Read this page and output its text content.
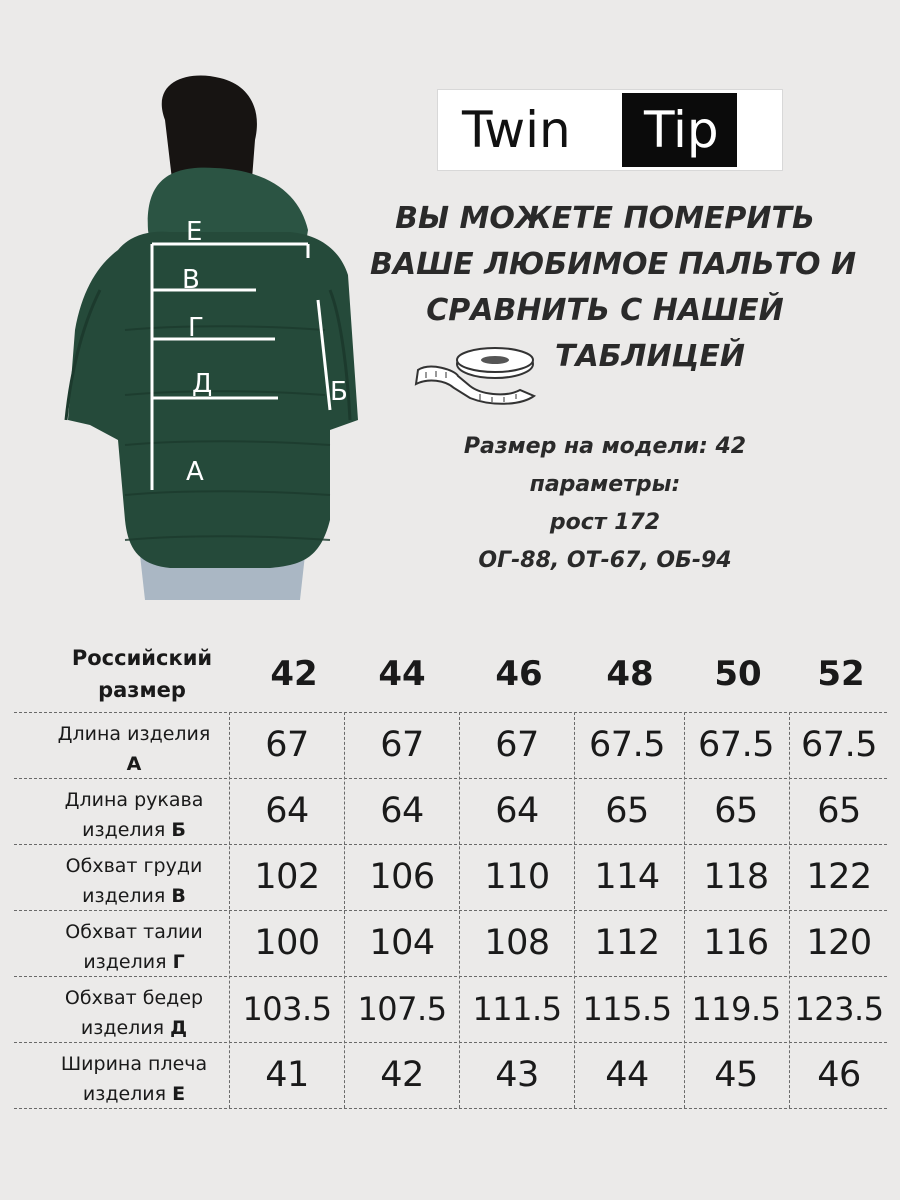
Е
В
Г
Д
А
Б
Twin	Tip
ВЫ МОЖЕТЕ ПОМЕРИТЬ
ВАШЕ ЛЮБИМОЕ ПАЛЬТО И
СРАВНИТЬ С НАШЕЙ
ТАБЛИЦЕЙ
Размер на модели: 42
параметры:
рост 172
ОГ-88, ОТ-67, ОБ-94
Российский
размер	42	44	46	48	50	52
Длина изделия
А	67	67	67	67.5 67.5 67.5
Длина рукава
изделия Б	64	64	64	65	65	65
Обхват груди
изделия В	102	106	110	114	118	122
Обхват талии
изделия Г	100	104	108	112	116	120
Обхват бедер
изделия Д	103.5 107.5 111.5 115.5 119.5 123.5
Ширина плеча
изделия Е	41	42	43	44	45	46
